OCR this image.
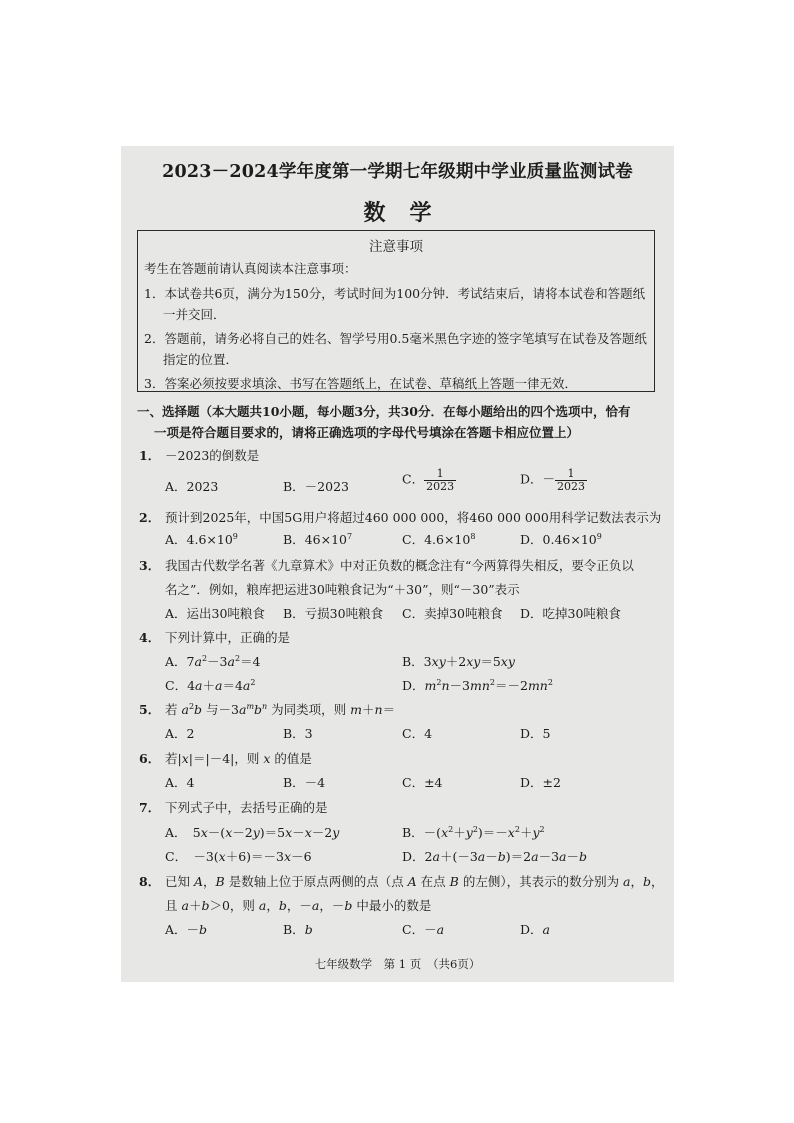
2023－2024学年度第一学期七年级期中学业质量监测试卷
数学
注意事项
考生在答题前请认真阅读本注意事项：
1．本试卷共6页，满分为150分，考试时间为100分钟．考试结束后，请将本试卷和答题纸
一并交回．
2．答题前，请务必将自己的姓名、智学号用0.5毫米黑色字迹的签字笔填写在试卷及答题纸
指定的位置．
3．答案必须按要求填涂、书写在答题纸上，在试卷、草稿纸上答题一律无效．
一、选择题（本大题共10小题，每小题3分，共30分．在每小题给出的四个选项中，恰有
一项是符合题目要求的，请将正确选项的字母代号填涂在答题卡相应位置上）
1． －2023的倒数是
A．2023	B．－2023	C． $\frac{1}{2023}$	D．－ $\frac{1}{2023}$
2． 预计到2025年，中国5G用户将超过460 000 000，将460 000 000用科学记数法表示为
A．$4.6\times 10^9$	B．$46\times 10^7$	C．$4.6\times 10^8$	D．$0.46\times 10^9$
3． 我国古代数学名著《九章算术》中对正负数的概念注有“今两算得失相反，要令正负以
名之”．例如，粮库把运进30吨粮食记为“＋30”，则“－30”表示
A．运出30吨粮食 B．亏损30吨粮食 C．卖掉30吨粮食 D．吃掉30吨粮食
4． 下列计算中，正确的是
A．$7a^2-3a^2=4$	B．3xy＋2xy＝5xy
C．$4a+a=4a^2$	D．$m^2n-3mn^2=-2mn^2$
5． 若 $a^2b$ 与$-3a^mb^n$ 为同类项，则 m＋n＝
A．2	B．3	C．4	D．5
6． 若|x|＝|－4|，则 x 的值是
A．4	B．－4	C．±4	D．±2
7． 下列式子中，去括号正确的是
A．　5x－(x－2y)＝5x－x－2y	B．$-(x^2+y^2)=-x^2+y^2$
C．　－3(x＋6)＝－3x－6	D．2a＋(－3a－b)＝2a－3a－b
8． 已知 A，B 是数轴上位于原点两侧的点（点 A 在点 B 的左侧），其表示的数分别为 a，b，
且 a＋b＞0，则 a，b，－a，－b 中最小的数是
A．－b	B．b	C．－a	D．a
七年级数学　第 1 页　（共6页）
